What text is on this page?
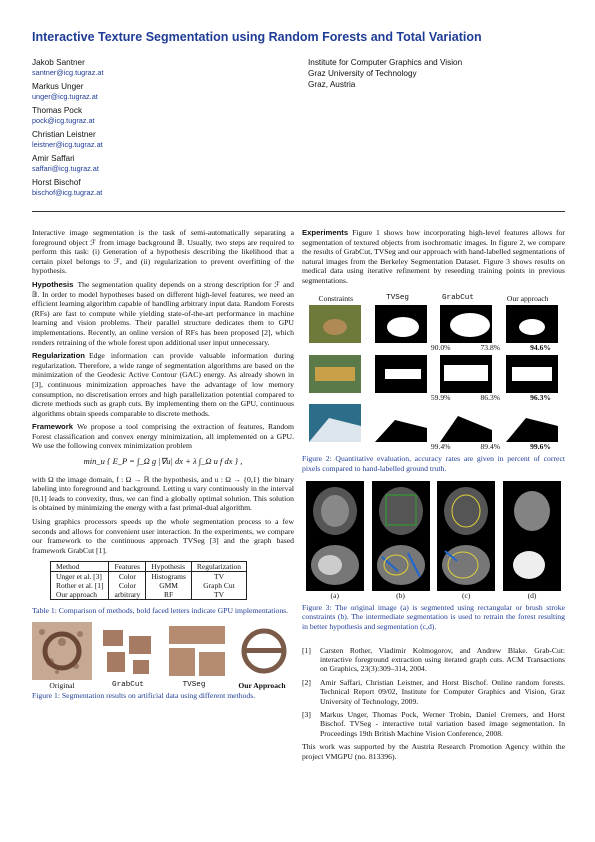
Interactive Texture Segmentation using Random Forests and Total Variation
Jakob Santner
santner@icg.tugraz.at
Markus Unger
unger@icg.tugraz.at
Thomas Pock
pock@icg.tugraz.at
Christian Leistner
leistner@icg.tugraz.at
Amir Saffari
saffari@icg.tugraz.at
Horst Bischof
bischof@icg.tugraz.at
Institute for Computer Graphics and Vision
Graz University of Technology
Graz, Austria

Interactive image segmentation is the task of semi-automatically separating a foreground object ℱ from image background 𝔹. Usually, two steps are required to perform this task: (i) Generation of a hypothesis describing the likelihood that a certain pixel belongs to ℱ, and (ii) regularization to prevent overfitting of the hypothesis.

Hypothesis The segmentation quality depends on a strong description for ℱ and 𝔹. In order to model hypotheses based on different high-level features, we need an efficient learning algorithm capable of handling arbitrary input data. Random Forests (RFs) are fast to compute while yielding state-of-the-art performance in machine learning and vision problems. Their parallel structure dedicates them to GPU implementations. Recently, an online version of RFs has been proposed [2], which renders retraining of the whole forest upon additional user input unnecessary.

Regularization Edge information can provide valuable information during regularization. Therefore, a wide range of segmentation algorithms are based on the minimization of the Geodesic Active Contour (GAC) energy. As already shown in [3], continuous minimization approaches have the advantage of low memory consumption, no discretisation errors and high parallelization potential compared to dicrete methods such as graph cuts. By implementing them on the GPU, continuous algorithms obtain speeds comparable to discrete methods.

Framework We propose a tool comprising the extraction of features, Random Forest classification and convex energy minimization, all implemented on a GPU. We use the following convex minimization problem

min_u { E_P = ∫_Ω g |∇u| dx + λ ∫_Ω u f dx } ,

with Ω the image domain, f : Ω → ℝ the hypothesis, and u : Ω → {0,1} the binary labeling into foreground and background. Letting u vary continuously in the interval [0,1] leads to convexity, thus, we can find a globally optimal solution. This solution is obtained by minimizing the energy with a fast primal-dual algorithm.

Using graphics processors speeds up the whole segmentation process to a few seconds and allows for convenient user interaction. In the experiments, we compare our framework to the continuous approach TVSeg [3] and the graph based framework GrabCut [1].

Method	Features	Hypothesis	Regularization
Unger et al. [3]	Color	Histograms	TV
Rother et al. [1]	Color	GMM	Graph Cut
Our approach	arbitrary	RF	TV

Table 1: Comparison of methods, bold faced letters indicate GPU implementations.

Original	GrabCut	TVSeg	Our Approach

Figure 1: Segmentation results on artificial data using different methods.

Experiments Figure 1 shows how incorporating high-level features allows for segmentation of textured objects from isochromatic images. In figure 2, we compare the results of GrabCut, TVSeg and our approach with hand-labelled segmentations of natural images from the Berkeley Segmentation Dataset. Figure 3 shows results on medical data using iterative refinement by reseeding training points in previous segmentations.

Constraints	TVSeg	GrabCut	Our approach
90.0%	73.8%	94.6%
59.9%	86.3%	96.3%
99.4%	89.4%	99.6%

Figure 2: Quantitative evaluation, accuracy rates are given in percent of correct pixels compared to hand-labelled ground truth.

(a)	(b)	(c)	(d)

Figure 3: The original image (a) is segmented using rectangular or brush stroke constraints (b). The intermediate segmentation is used to retrain the forest resulting in better hypothesis and segmentation (c,d).

[1]	Carsten Rother, Vladimir Kolmogorov, and Andrew Blake. Grab-Cut: interactive foreground extraction using iterated graph cuts. ACM Transactions on Graphics, 23(3):309–314, 2004.
[2]	Amir Saffari, Christian Leistner, and Horst Bischof. Online random forests. Technical Report 09/02, Institute for Computer Graphics and Vision, Graz University of Technology, 2009.
[3]	Markus Unger, Thomas Pock, Werner Trobin, Daniel Cremers, and Horst Bischof. TVSeg - interactive total variation based image segmentation. In Proceedings 19th British Machine Vision Conference, 2008.

This work was supported by the Austria Research Promotion Agency within the project VMGPU (no. 813396).
